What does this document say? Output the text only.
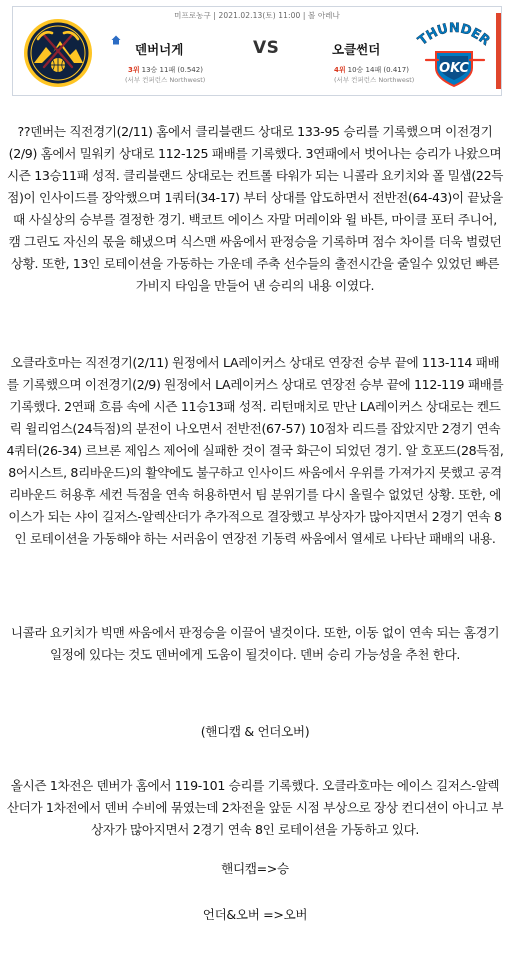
미프로농구 | 2021.02.13(토) 11:00 | 볼 아레나
덴버너게	VS	오클썬더
3위 13승 11패 (0.542)
(서부 컨퍼런스 Northwest)
4위 10승 14패 (0.417)
(서부 컨퍼런스 Northwest)
THUNDER
OKC

??덴버는 직전경기(2/11) 홈에서 클리블랜드 상대로 133-95 승리를 기록했으며 이전경기(2/9) 홈에서 밀워키 상대로 112-125 패배를 기록했다. 3연패에서 벗어나는 승리가 나왔으며 시즌 13승11패 성적. 클리블랜드 상대로는 컨트롤 타워가 되는 니콜라 요키치와 폴 밀샙(22득점)이 인사이드를 장악했으며 1쿼터(34-17) 부터 상대를 압도하면서 전반전(64-43)이 끝났을때 사실상의 승부를 결정한 경기. 백코트 에이스 자말 머레이와 윌 바튼, 마이클 포터 주니어, 캠 그린도 자신의 몫을 해냈으며 식스맨 싸움에서 판정승을 기록하며 점수 차이를 더욱 벌렸던 상황. 또한, 13인 로테이션을 가동하는 가운데 주축 선수들의 출전시간을 줄일수 있었던 빠른 가비지 타임을 만들어 낸 승리의 내용 이였다.

오클라호마는 직전경기(2/11) 원정에서 LA레이커스 상대로 연장전 승부 끝에 113-114 패배를 기록했으며 이전경기(2/9) 원정에서 LA레이커스 상대로 연장전 승부 끝에 112-119 패배를 기록했다. 2연패 흐름 속에 시즌 11승13패 성적. 리턴매치로 만난 LA레이커스 상대로는 켄드릭 윌리엄스(24득점)의 분전이 나오면서 전반전(67-57) 10점차 리드를 잡았지만 2경기 연속 4쿼터(26-34) 르브론 제임스 제어에 실패한 것이 결국 화근이 되었던 경기. 알 호포드(28득점, 8어시스트, 8리바운드)의 활약에도 불구하고 인사이드 싸움에서 우위를 가져가지 못했고 공격 리바운드 허용후 세컨 득점을 연속 허용하면서 팀 분위기를 다시 올릴수 없었던 상황. 또한, 에이스가 되는 샤이 길저스-알렉산더가 추가적으로 결장했고 부상자가 많아지면서 2경기 연속 8인 로테이션을 가동해야 하는 서러움이 연장전 기동력 싸움에서 열세로 나타난 패배의 내용.

니콜라 요키치가 빅맨 싸움에서 판정승을 이끌어 낼것이다. 또한, 이동 없이 연속 되는 홈경기 일정에 있다는 것도 덴버에게 도움이 될것이다. 덴버 승리 가능성을 추천 한다.

(핸디캡 & 언더오버)

올시즌 1차전은 덴버가 홈에서 119-101 승리를 기록했다. 오클라호마는 에이스 길저스-알렉산더가 1차전에서 덴버 수비에 묶였는데 2차전을 앞둔 시점 부상으로 장상 컨디션이 아니고 부상자가 많아지면서 2경기 연속 8인 로테이션을 가동하고 있다.

핸디캡=>승

언더&오버 =>오버
